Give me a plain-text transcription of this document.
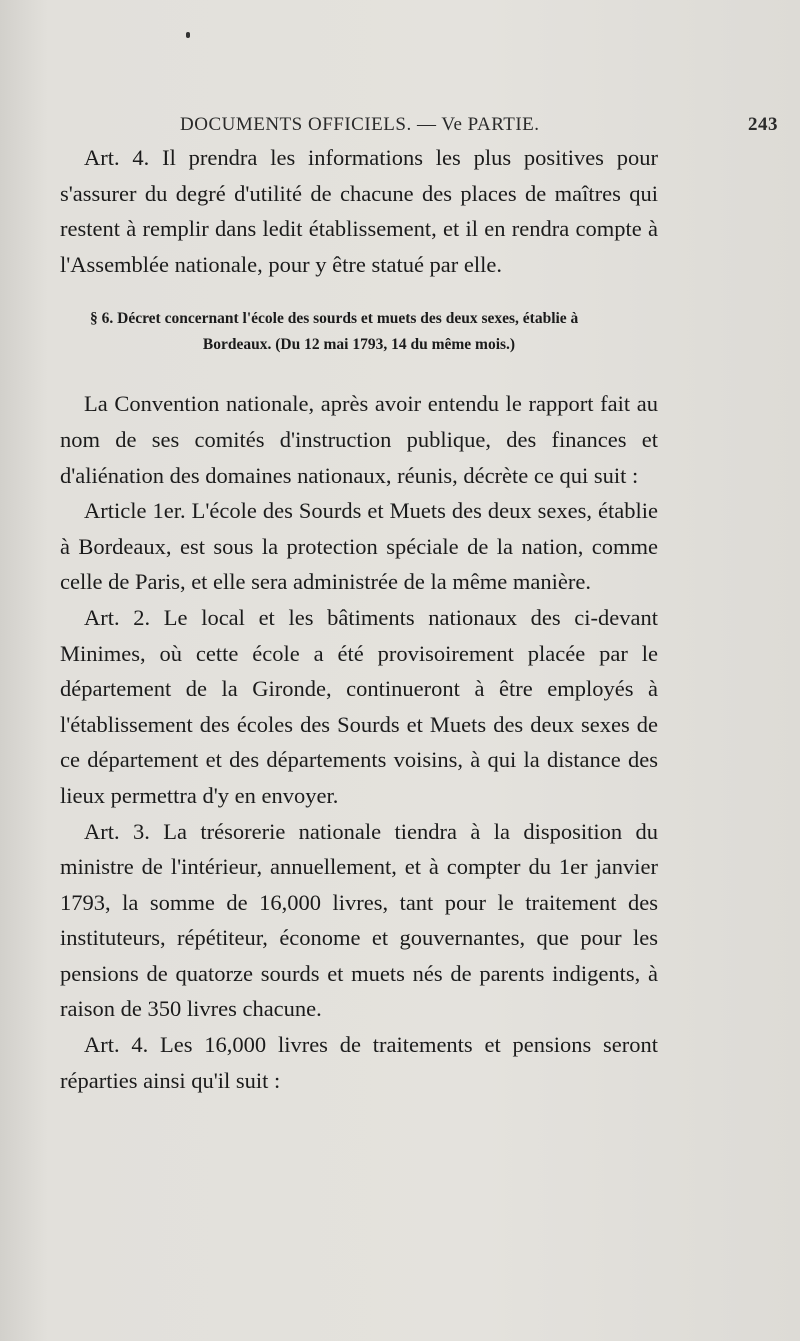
DOCUMENTS OFFICIELS. — Ve PARTIE.	243

Art. 4. Il prendra les informations les plus positives pour s'assurer du degré d'utilité de chacune des places de maîtres qui restent à remplir dans ledit établissement, et il en rendra compte à l'Assemblée nationale, pour y être statué par elle.

§ 6. Décret concernant l'école des sourds et muets des deux sexes, établie à
Bordeaux. (Du 12 mai 1793, 14 du même mois.)

La Convention nationale, après avoir entendu le rapport fait au nom de ses comités d'instruction publique, des finances et d'aliénation des domaines nationaux, réunis, décrète ce qui suit :

Article 1er. L'école des Sourds et Muets des deux sexes, établie à Bordeaux, est sous la protection spéciale de la nation, comme celle de Paris, et elle sera administrée de la même manière.

Art. 2. Le local et les bâtiments nationaux des ci-devant Minimes, où cette école a été provisoirement placée par le département de la Gironde, continueront à être employés à l'établissement des écoles des Sourds et Muets des deux sexes de ce département et des départements voisins, à qui la distance des lieux permettra d'y en envoyer.

Art. 3. La trésorerie nationale tiendra à la disposition du ministre de l'intérieur, annuellement, et à compter du 1er janvier 1793, la somme de 16,000 livres, tant pour le traitement des instituteurs, répétiteur, économe et gouvernantes, que pour les pensions de quatorze sourds et muets nés de parents indigents, à raison de 350 livres chacune.

Art. 4. Les 16,000 livres de traitements et pensions seront réparties ainsi qu'il suit :
